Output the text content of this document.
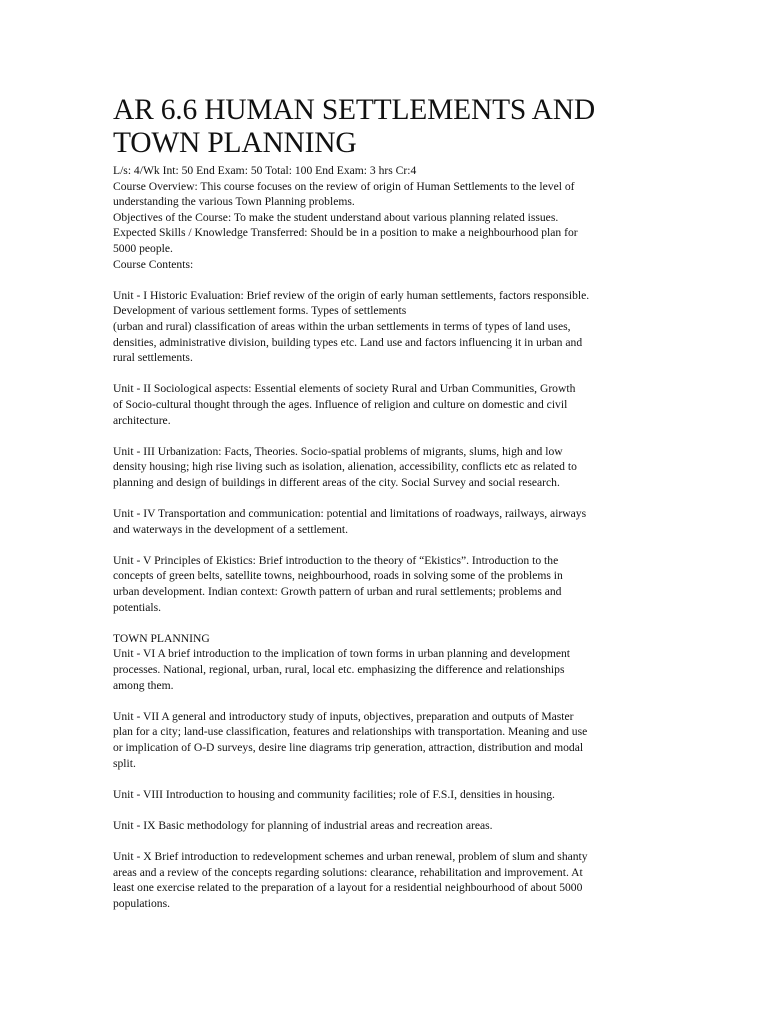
AR 6.6 HUMAN SETTLEMENTS AND
TOWN PLANNING
L/s: 4/Wk Int: 50 End Exam: 50 Total: 100 End Exam: 3 hrs Cr:4
Course Overview: This course focuses on the review of origin of Human Settlements to the level of
understanding the various Town Planning problems.
Objectives of the Course: To make the student understand about various planning related issues.
Expected Skills / Knowledge Transferred: Should be in a position to make a neighbourhood plan for
5000 people.
Course Contents:
Unit - I Historic Evaluation: Brief review of the origin of early human settlements, factors responsible.
Development of various settlement forms. Types of settlements
(urban and rural) classification of areas within the urban settlements in terms of types of land uses,
densities, administrative division, building types etc. Land use and factors influencing it in urban and
rural settlements.
Unit - II Sociological aspects: Essential elements of society Rural and Urban Communities, Growth
of Socio-cultural thought through the ages. Influence of religion and culture on domestic and civil
architecture.
Unit - III Urbanization: Facts, Theories. Socio-spatial problems of migrants, slums, high and low
density housing; high rise living such as isolation, alienation, accessibility, conflicts etc as related to
planning and design of buildings in different areas of the city. Social Survey and social research.
Unit - IV Transportation and communication: potential and limitations of roadways, railways, airways
and waterways in the development of a settlement.
Unit - V Principles of Ekistics: Brief introduction to the theory of “Ekistics”. Introduction to the
concepts of green belts, satellite towns, neighbourhood, roads in solving some of the problems in
urban development. Indian context: Growth pattern of urban and rural settlements; problems and
potentials.
TOWN PLANNING
Unit - VI A brief introduction to the implication of town forms in urban planning and development
processes. National, regional, urban, rural, local etc. emphasizing the difference and relationships
among them.
Unit - VII A general and introductory study of inputs, objectives, preparation and outputs of Master
plan for a city; land-use classification, features and relationships with transportation. Meaning and use
or implication of O-D surveys, desire line diagrams trip generation, attraction, distribution and modal
split.
Unit - VIII Introduction to housing and community facilities; role of F.S.I, densities in housing.
Unit - IX Basic methodology for planning of industrial areas and recreation areas.
Unit - X Brief introduction to redevelopment schemes and urban renewal, problem of slum and shanty
areas and a review of the concepts regarding solutions: clearance, rehabilitation and improvement. At
least one exercise related to the preparation of a layout for a residential neighbourhood of about 5000
populations.
